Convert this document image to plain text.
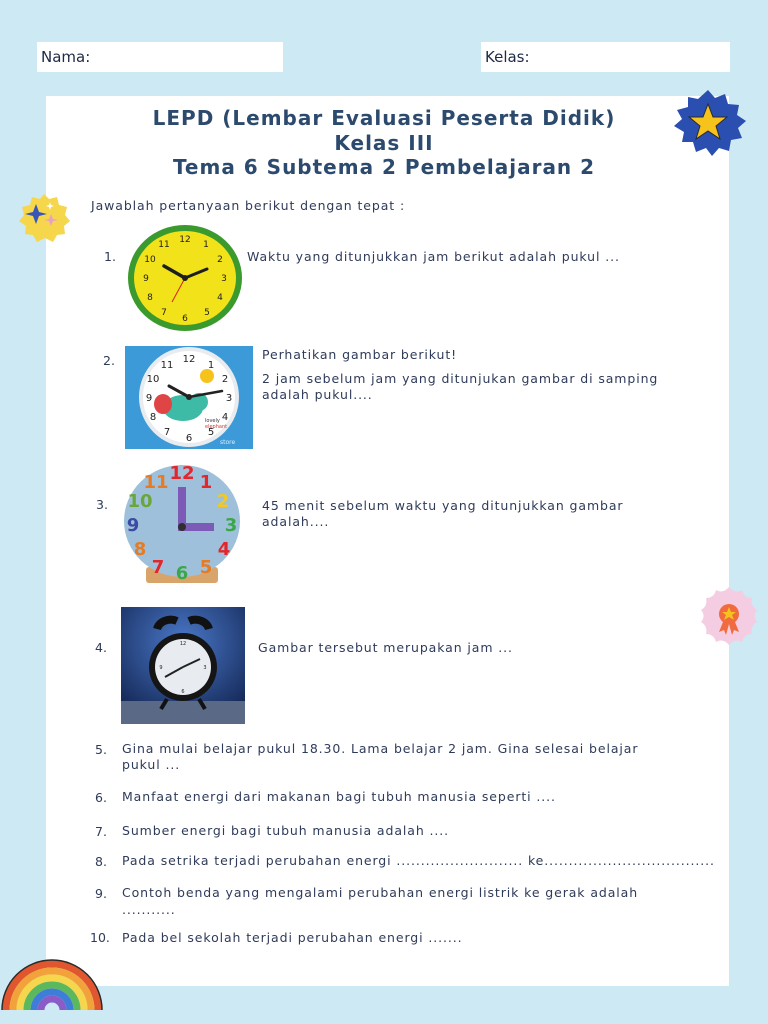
Nama:	Kelas:
LEPD (Lembar Evaluasi Peserta Didik)
Kelas III
Tema 6 Subtema 2 Pembelajaran 2
Jawablah pertanyaan berikut dengan tepat :
1.
12 1
2
3
4
5
6
7
8
9
10
11
Waktu yang ditunjukkan jam berikut adalah pukul ...
2.	12
1
2
3
4
5
6
7
8
9
10
11
lovely
elephant
store
Perhatikan gambar berikut!
2 jam sebelum jam yang ditunjukan gambar di samping
adalah pukul....
3.
12 1
2
3
4
5
6
7
8
9
10
11
45 menit sebelum waktu yang ditunjukkan gambar
adalah....
4.	12
3
6
9
Gambar tersebut merupakan jam ...
5. Gina mulai belajar pukul 18.30. Lama belajar 2 jam. Gina selesai belajar
pukul ...
6. Manfaat energi dari makanan bagi tubuh manusia seperti ....
7. Sumber energi bagi tubuh manusia adalah ....
8. Pada setrika terjadi perubahan energi .......................... ke...................................
9. Contoh benda yang mengalami perubahan energi listrik ke gerak adalah
...........
10. Pada bel sekolah terjadi perubahan energi .......
